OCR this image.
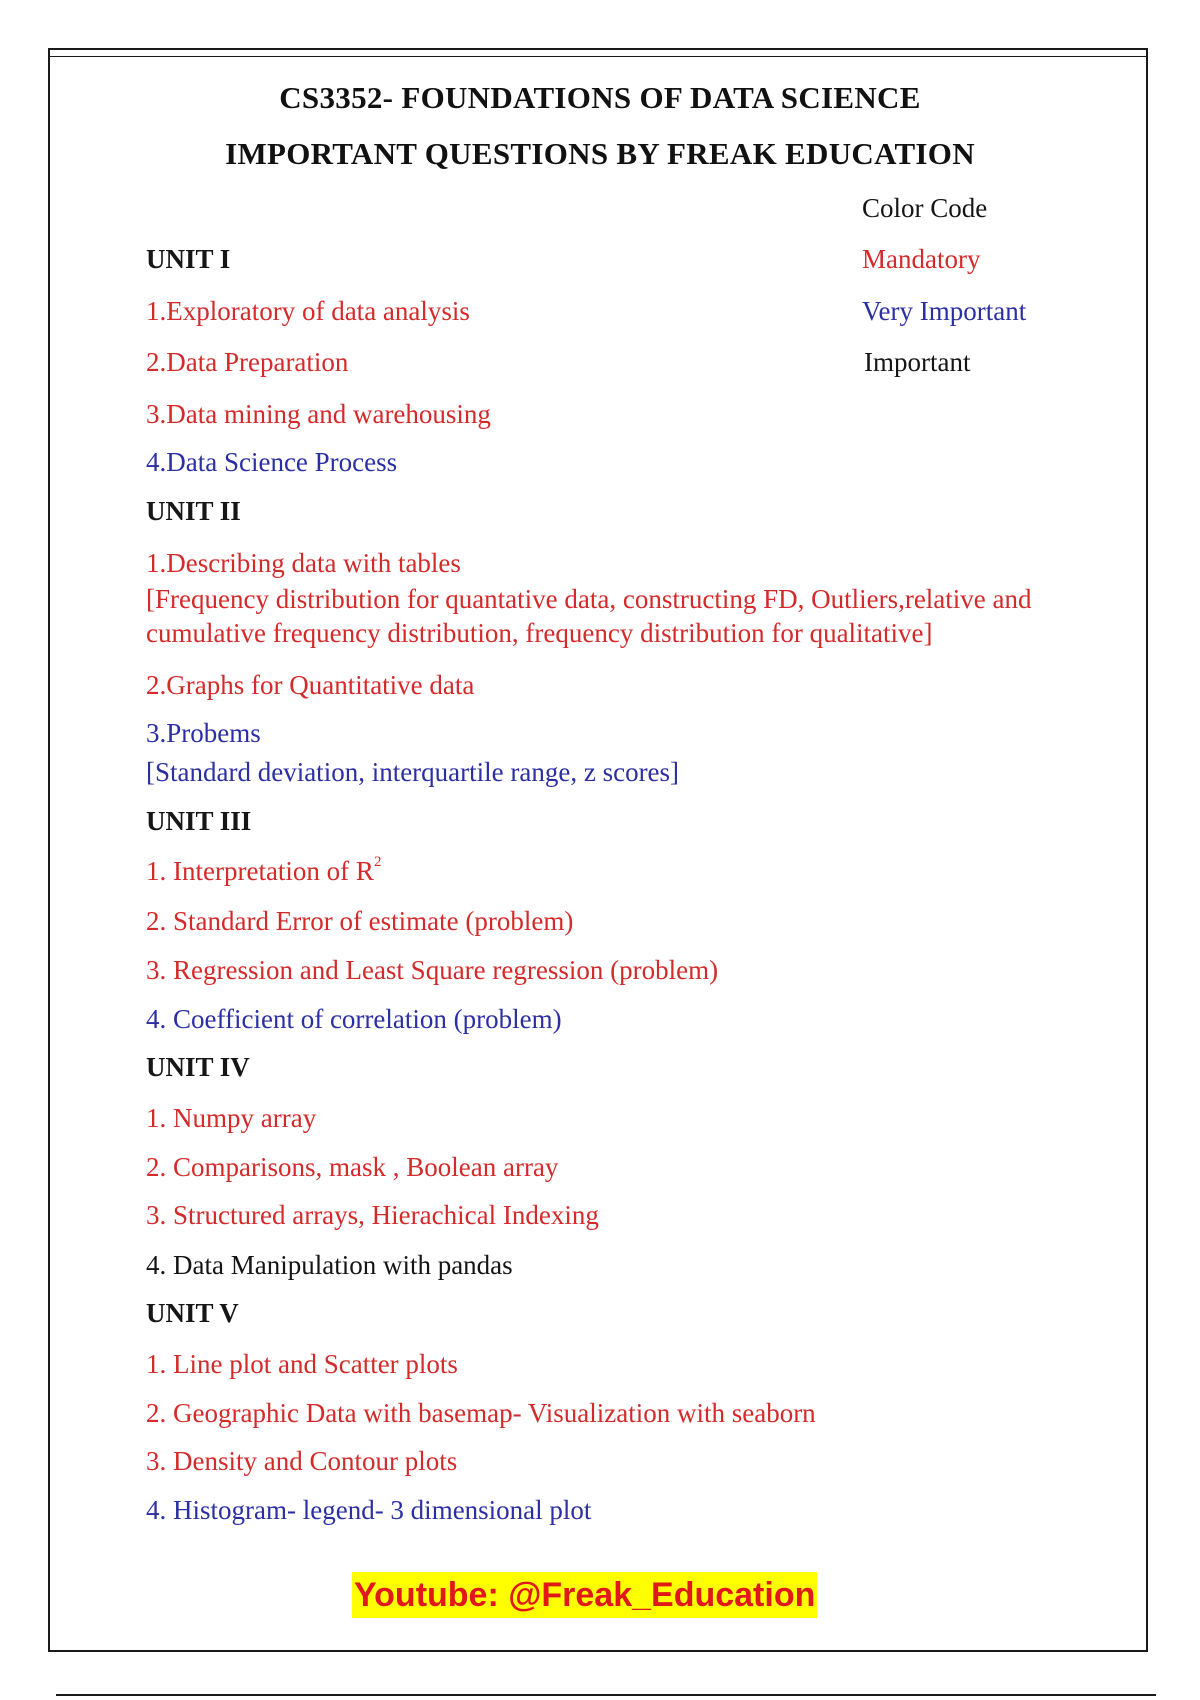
CS3352- FOUNDATIONS OF DATA SCIENCE
IMPORTANT QUESTIONS BY FREAK EDUCATION
Color Code
Mandatory
Very Important
Important
UNIT I
1.Exploratory of data analysis
2.Data Preparation
3.Data mining and warehousing
4.Data Science Process
UNIT II
1.Describing data with tables
[Frequency distribution for quantative data, constructing FD, Outliers,relative and cumulative frequency distribution, frequency distribution for qualitative]
2.Graphs for Quantitative data
3.Probems
[Standard deviation, interquartile range, z scores]
UNIT III
1. Interpretation of $R^2$
2. Standard Error of estimate (problem)
3. Regression and Least Square regression (problem)
4. Coefficient of correlation (problem)
UNIT IV
1. Numpy array
2. Comparisons, mask , Boolean array
3. Structured arrays, Hierachical Indexing
4. Data Manipulation with pandas
UNIT V
1. Line plot and Scatter plots
2. Geographic Data with basemap- Visualization with seaborn
3. Density and Contour plots
4. Histogram- legend- 3 dimensional plot
Youtube: @Freak_Education
